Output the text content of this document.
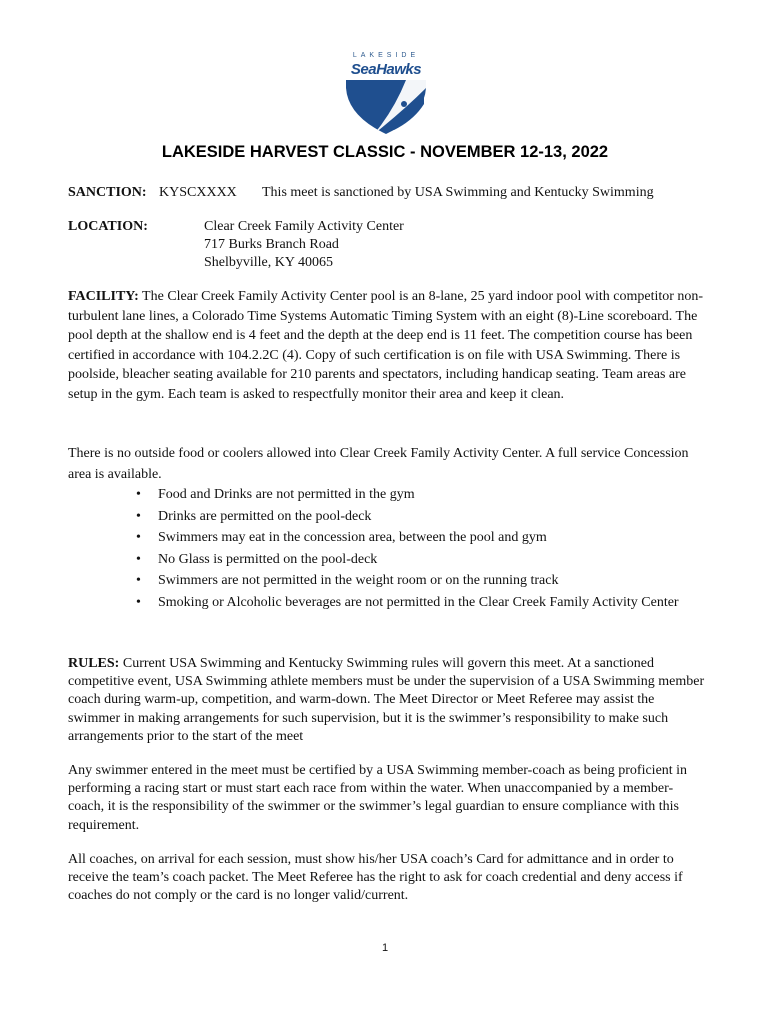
LAKESIDE
SeaHawks
LAKESIDE HARVEST CLASSIC - NOVEMBER 12-13, 2022
SANCTION: KYSCXXXX This meet is sanctioned by USA Swimming and Kentucky Swimming
LOCATION:	Clear Creek Family Activity Center
717 Burks Branch Road
Shelbyville, KY 40065
FACILITY: The Clear Creek Family Activity Center pool is an 8-lane, 25 yard indoor pool with competitor non-turbulent lane lines, a Colorado Time Systems Automatic Timing System with an eight (8)-Line scoreboard. The pool depth at the shallow end is 4 feet and the depth at the deep end is 11 feet. The competition course has been certified in accordance with 104.2.2C (4). Copy of such certification is on file with USA Swimming. There is poolside, bleacher seating available for 210 parents and spectators, including handicap seating. Team areas are setup in the gym. Each team is asked to respectfully monitor their area and keep it clean.
There is no outside food or coolers allowed into Clear Creek Family Activity Center. A full service Concession area is available.
• Food and Drinks are not permitted in the gym
• Drinks are permitted on the pool-deck
• Swimmers may eat in the concession area, between the pool and gym
• No Glass is permitted on the pool-deck
• Swimmers are not permitted in the weight room or on the running track
• Smoking or Alcoholic beverages are not permitted in the Clear Creek Family Activity Center
RULES: Current USA Swimming and Kentucky Swimming rules will govern this meet. At a sanctioned competitive event, USA Swimming athlete members must be under the supervision of a USA Swimming member coach during warm-up, competition, and warm-down. The Meet Director or Meet Referee may assist the swimmer in making arrangements for such supervision, but it is the swimmer’s responsibility to make such arrangements prior to the start of the meet
Any swimmer entered in the meet must be certified by a USA Swimming member-coach as being proficient in performing a racing start or must start each race from within the water. When unaccompanied by a member-coach, it is the responsibility of the swimmer or the swimmer’s legal guardian to ensure compliance with this requirement.
All coaches, on arrival for each session, must show his/her USA coach’s Card for admittance and in order to receive the team’s coach packet. The Meet Referee has the right to ask for coach credential and deny access if coaches do not comply or the card is no longer valid/current.
1
